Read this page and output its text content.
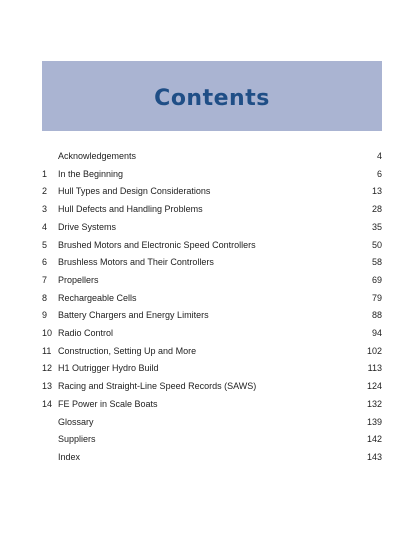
Contents
Acknowledgements	4
1	In the Beginning	6
2	Hull Types and Design Considerations	13
3	Hull Defects and Handling Problems	28
4	Drive Systems	35
5	Brushed Motors and Electronic Speed Controllers	50
6	Brushless Motors and Their Controllers	58
7	Propellers	69
8	Rechargeable Cells	79
9	Battery Chargers and Energy Limiters	88
10 Radio Control	94
11 Construction, Setting Up and More	102
12 H1 Outrigger Hydro Build	113
13 Racing and Straight-Line Speed Records (SAWS)	124
14 FE Power in Scale Boats	132
Glossary	139
Suppliers	142
Index	143
